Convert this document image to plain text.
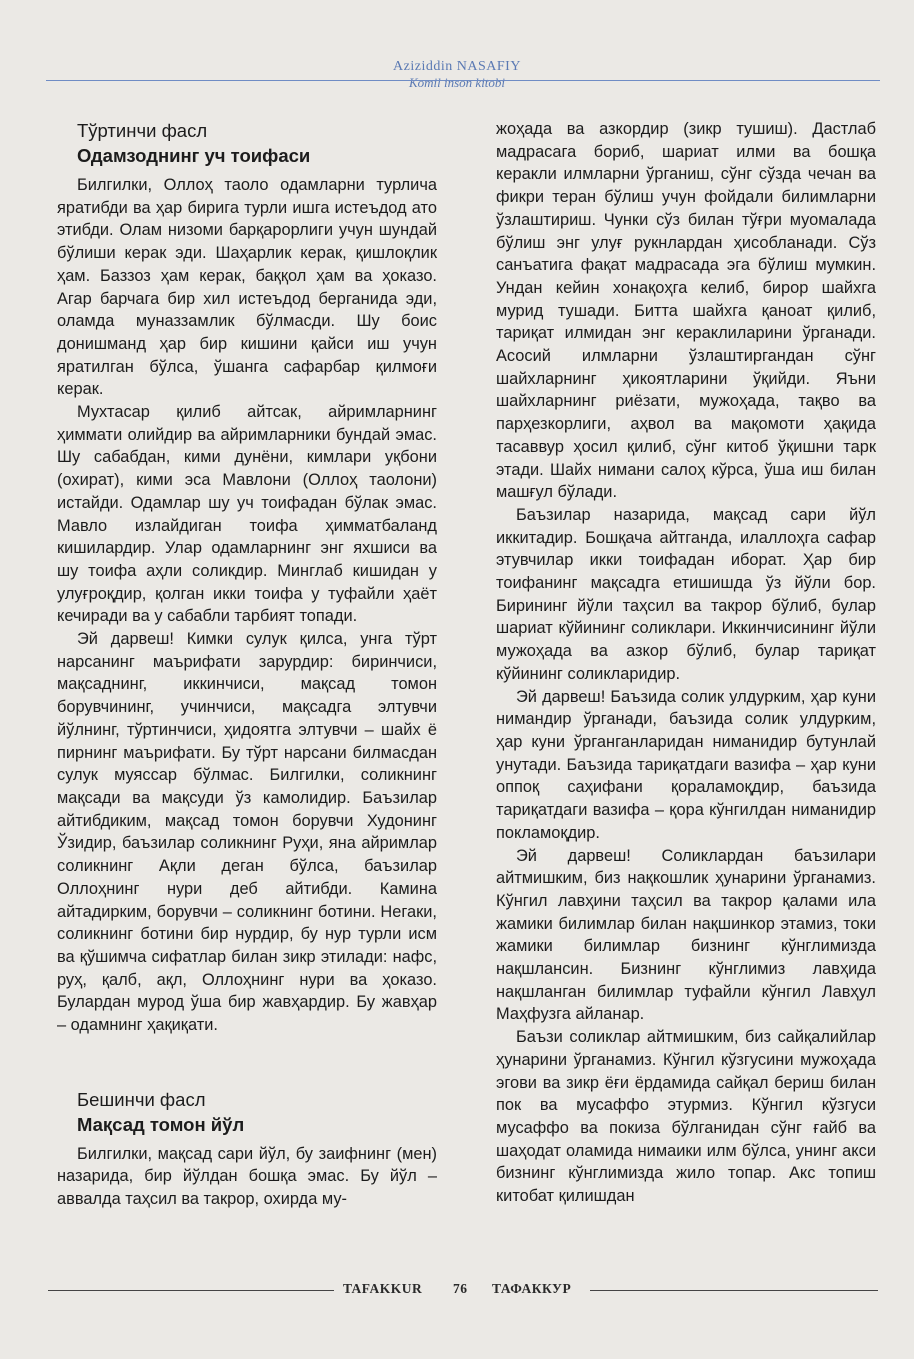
Aziziddin NASAFIY
Komil inson kitobi

Тўртинчи фасл

Одамзоднинг уч тоифаси

Билгилки, Оллоҳ таоло одамларни турлича яратибди ва ҳар бирига турли ишга истеъдод ато этибди. Олам низоми барқарорлиги учун шундай бўлиши керак эди. Шаҳарлик керак, қишлоқлик ҳам. Баззоз ҳам керак, баққол ҳам ва ҳоказо. Агар барчага бир хил истеъдод берганида эди, оламда муназзамлик бўлмасди. Шу боис донишманд ҳар бир кишини қайси иш учун яратилган бўлса, ўшанга сафарбар қилмоғи керак.

Мухтасар қилиб айтсак, айримларнинг ҳиммати олийдир ва айримларники бундай эмас. Шу сабабдан, кими дунёни, кимлари уқбони (охират), кими эса Мавлони (Оллоҳ таолони) истайди. Одамлар шу уч тоифадан бўлак эмас. Мавло излайдиган тоифа ҳимматбаланд кишилардир. Улар одамларнинг энг яхшиси ва шу тоифа аҳли соликдир. Минглаб кишидан у улуғроқдир, қолган икки тоифа у туфайли ҳаёт кечиради ва у сабабли тарбият топади.

Эй дарвеш! Кимки сулук қилса, унга тўрт нарсанинг маърифати зарурдир: биринчиси, мақсаднинг, иккинчиси, мақсад томон борувчининг, учинчиси, мақсадга элтувчи йўлнинг, тўртинчиси, ҳидоятга элтувчи – шайх ё пирнинг маърифати. Бу тўрт нарсани билмасдан сулук муяссар бўлмас. Билгилки, соликнинг мақсади ва мақсуди ўз камолидир. Баъзилар айтибдиким, мақсад томон борувчи Худонинг Ўзидир, баъзилар соликнинг Руҳи, яна айримлар соликнинг Ақли деган бўлса, баъзилар Оллоҳнинг нури деб айтибди. Камина айтадирким, борувчи – соликнинг ботини. Негаки, соликнинг ботини бир нурдир, бу нур турли исм ва қўшимча сифатлар билан зикр этилади: нафс, руҳ, қалб, ақл, Оллоҳнинг нури ва ҳоказо. Булардан мурод ўша бир жавҳардир. Бу жавҳар – одамнинг ҳақиқати.

Бешинчи фасл

Мақсад томон йўл

Билгилки, мақсад сари йўл, бу заифнинг (мен) назарида, бир йўлдан бошқа эмас. Бу йўл – аввалда таҳсил ва такрор, охирда му-

жоҳада ва азкордир (зикр тушиш). Дастлаб мадрасага бориб, шариат илми ва бошқа керакли илмларни ўрганиш, сўнг сўзда чечан ва фикри теран бўлиш учун фойдали билимларни ўзлаштириш. Чунки сўз билан тўғри муомалада бўлиш энг улуғ рукнлардан ҳисобланади. Сўз санъатига фақат мадрасада эга бўлиш мумкин. Ундан кейин хонақоҳга келиб, бирор шайхга мурид тушади. Битта шайхга қаноат қилиб, тариқат илмидан энг кераклиларини ўрганади. Асосий илмларни ўзлаштиргандан сўнг шайхларнинг ҳикоятларини ўқийди. Яъни шайхларнинг риёзати, мужоҳада, тақво ва парҳезкорлиги, аҳвол ва мақомоти ҳақида тасаввур ҳосил қилиб, сўнг китоб ўқишни тарк этади. Шайх нимани салоҳ кўрса, ўша иш билан машғул бўлади.

Баъзилар назарида, мақсад сари йўл иккитадир. Бошқача айтганда, илаллоҳга сафар этувчилар икки тоифадан иборат. Ҳар бир тоифанинг мақсадга етишишда ўз йўли бор. Бирининг йўли таҳсил ва такрор бўлиб, булар шариат кўйининг соликлари. Иккинчисининг йўли мужоҳада ва азкор бўлиб, булар тариқат кўйининг соликларидир.

Эй дарвеш! Баъзида солик улдурким, ҳар куни нимандир ўрганади, баъзида солик улдурким, ҳар куни ўрганганларидан ниманидир бутунлай унутади. Баъзида тариқатдаги вазифа – ҳар куни оппоқ саҳифани қораламоқдир, баъзида тариқатдаги вазифа – қора кўнгилдан ниманидир покламоқдир.

Эй дарвеш! Соликлардан баъзилари айтмишким, биз нақкошлик ҳунарини ўрганамиз. Кўнгил лавҳини таҳсил ва такрор қалами ила жамики билимлар билан нақшинкор этамиз, токи жамики билимлар бизнинг кўнглимизда нақшлансин. Бизнинг кўнглимиз лавҳида нақшланган билимлар туфайли кўнгил Лавҳул Маҳфузга айланар.

Баъзи соликлар айтмишким, биз сайқалийлар ҳунарини ўрганамиз. Кўнгил кўзгусини мужоҳада эгови ва зикр ёғи ёрдамида сайқал бериш билан пок ва мусаффо этурмиз. Кўнгил кўзгуси мусаффо ва покиза бўлганидан сўнг ғайб ва шаҳодат оламида нимаики илм бўлса, унинг акси бизнинг кўнглимизда жило топар. Акс топиш китобат қилишдан

TAFAKKUR 76 ТАФАККУР
